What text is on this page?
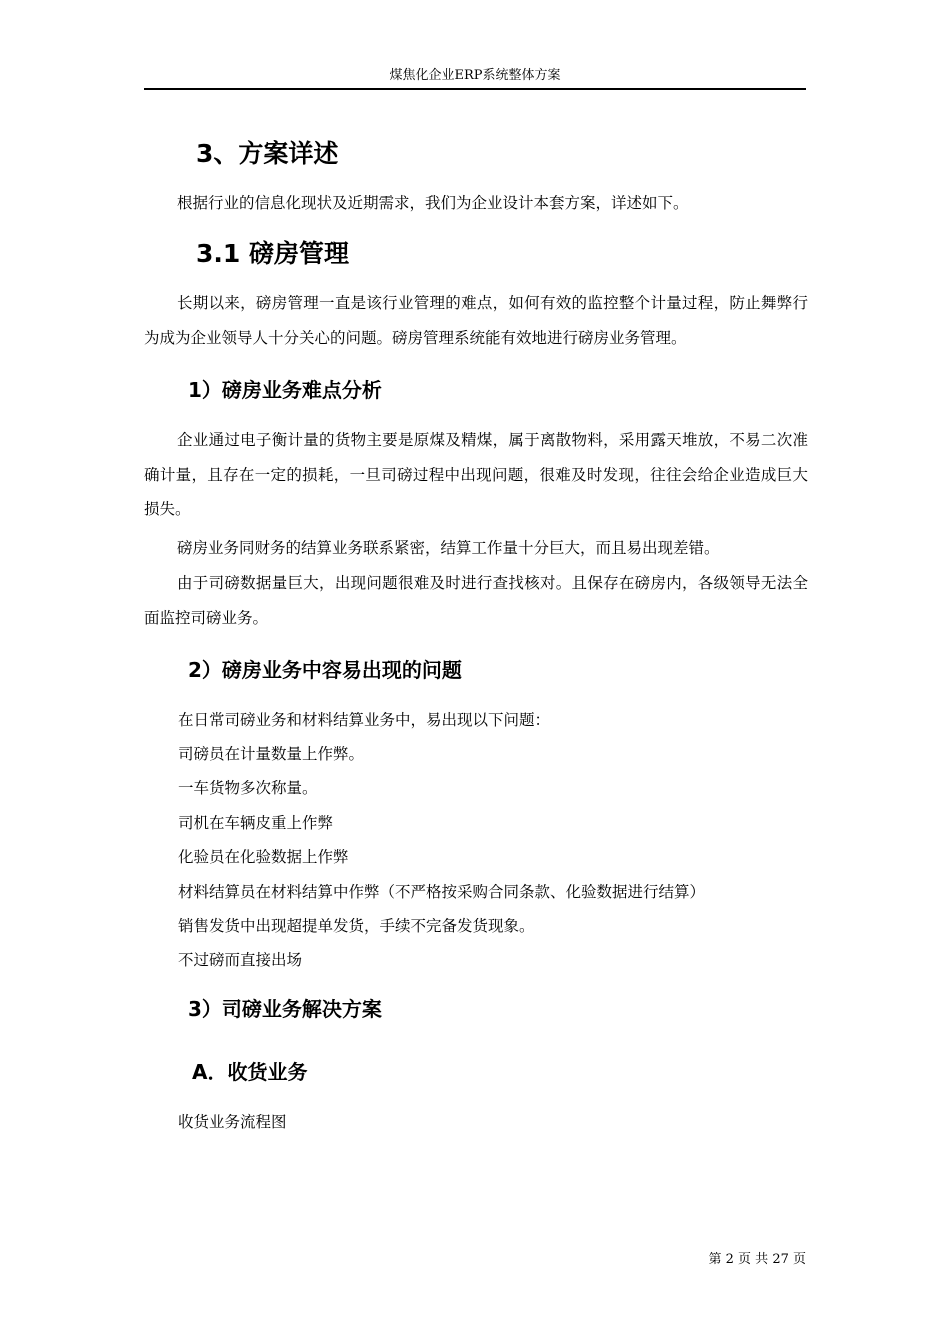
煤焦化企业ERP系统整体方案
3、方案详述
根据行业的信息化现状及近期需求，我们为企业设计本套方案，详述如下。
3.1 磅房管理
长期以来，磅房管理一直是该行业管理的难点，如何有效的监控整个计量过程，防止舞弊行为成为企业领导人十分关心的问题。磅房管理系统能有效地进行磅房业务管理。
1）磅房业务难点分析
企业通过电子衡计量的货物主要是原煤及精煤，属于离散物料，采用露天堆放，不易二次准确计量，且存在一定的损耗，一旦司磅过程中出现问题，很难及时发现，往往会给企业造成巨大损失。
磅房业务同财务的结算业务联系紧密，结算工作量十分巨大，而且易出现差错。
由于司磅数据量巨大，出现问题很难及时进行查找核对。且保存在磅房内，各级领导无法全面监控司磅业务。
2）磅房业务中容易出现的问题
在日常司磅业务和材料结算业务中，易出现以下问题：
司磅员在计量数量上作弊。
一车货物多次称量。
司机在车辆皮重上作弊
化验员在化验数据上作弊
材料结算员在材料结算中作弊（不严格按采购合同条款、化验数据进行结算）
销售发货中出现超提单发货，手续不完备发货现象。
不过磅而直接出场
3）司磅业务解决方案
A．收货业务
收货业务流程图
第 2 页 共 27 页
